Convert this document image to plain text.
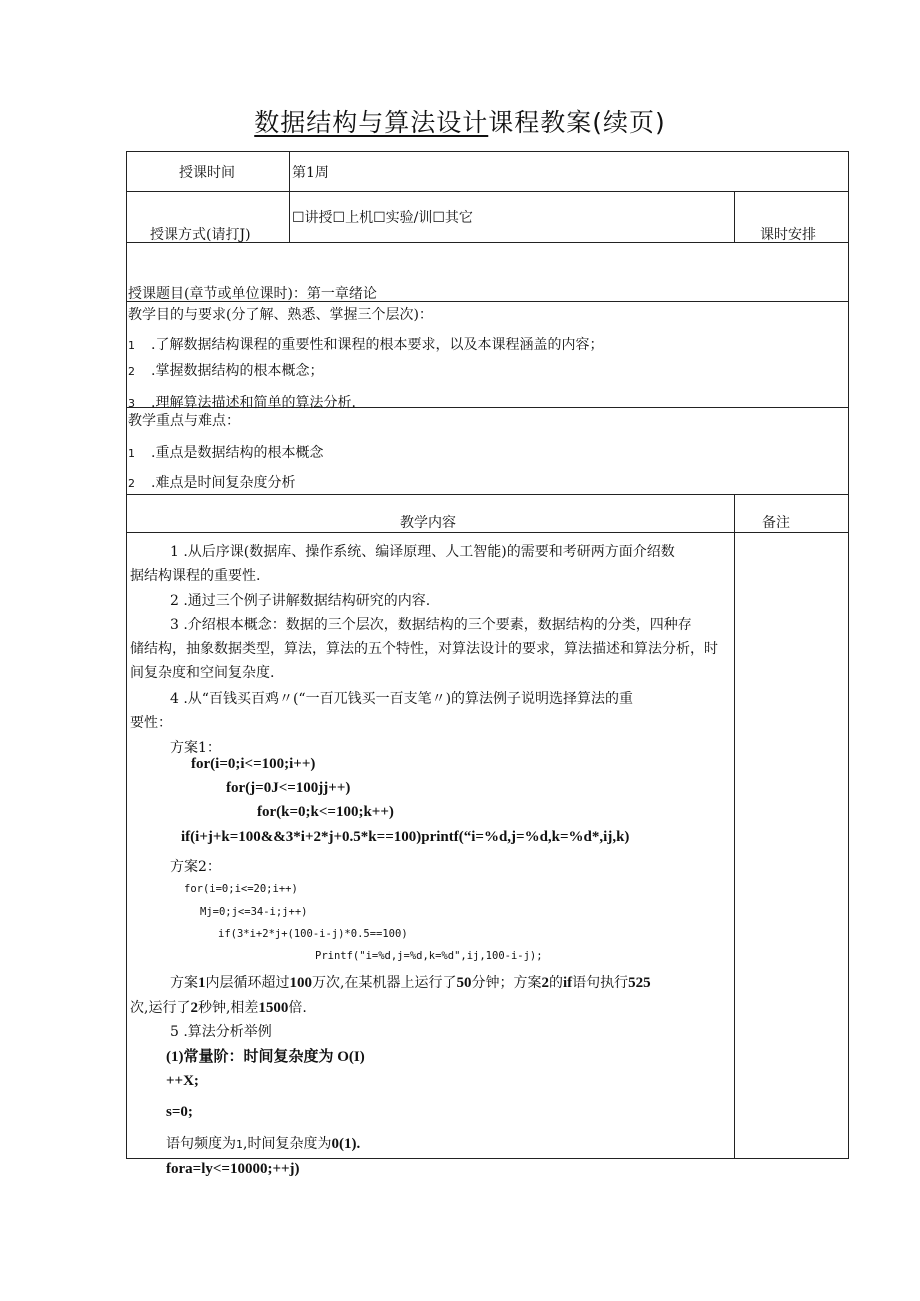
数据结构与算法设计课程教案(续页)
授课时间	第1周
授课方式(请打J)
☐讲授☐上机☐实验/训☐其它
课时安排
授课题目(章节或单位课时)：第一章绪论
教学目的与要求(分了解、熟悉、掌握三个层次)：
1 .了解数据结构课程的重要性和课程的根本要求，以及本课程涵盖的内容；
2 .掌握数据结构的根本概念；
3 .理解算法描述和简单的算法分析.
教学重点与难点：
1 .重点是数据结构的根本概念
2 .难点是时间复杂度分析
教学内容	备注
1 .从后序课(数据库、操作系统、编译原理、人工智能)的需要和考研两方面介绍数
据结构课程的重要性.
2 .通过三个例子讲解数据结构研究的内容.
3 .介绍根本概念：数据的三个层次，数据结构的三个要素，数据结构的分类，四种存
储结构，抽象数据类型，算法，算法的五个特性，对算法设计的要求，算法描述和算法分析，时
间复杂度和空间复杂度.
4 .从“百钱买百鸡〃(“一百兀钱买一百支笔〃)的算法例子说明选择算法的重
要性：
方案1：
for(i=0;i<=100;i++)
for(j=0J<=100jj++)
for(k=0;k<=100;k++)
if(i+j+k=100&&3*i+2*j+0.5*k==100)printf(“i=%d,j=%d,k=%d*,ij,k)
方案2：
for(i=0;i<=20;i++)
Mj=0;j<=34-i;j++)
if(3*i+2*j+(100-i-j)*0.5==100)
Printf("i=%d,j=%d,k=%d",ij,100-i-j);
方案1内层循环超过100万次,在某机器上运行了50分钟；方案2的if语句执行525
次,运行了2秒钟,相差1500倍.
5 .算法分析举例
(1)常量阶：时间复杂度为 O(I)
++X;
s=0;
语句频度为1,时间复杂度为0(1).
fora=ly<=10000;++j)
